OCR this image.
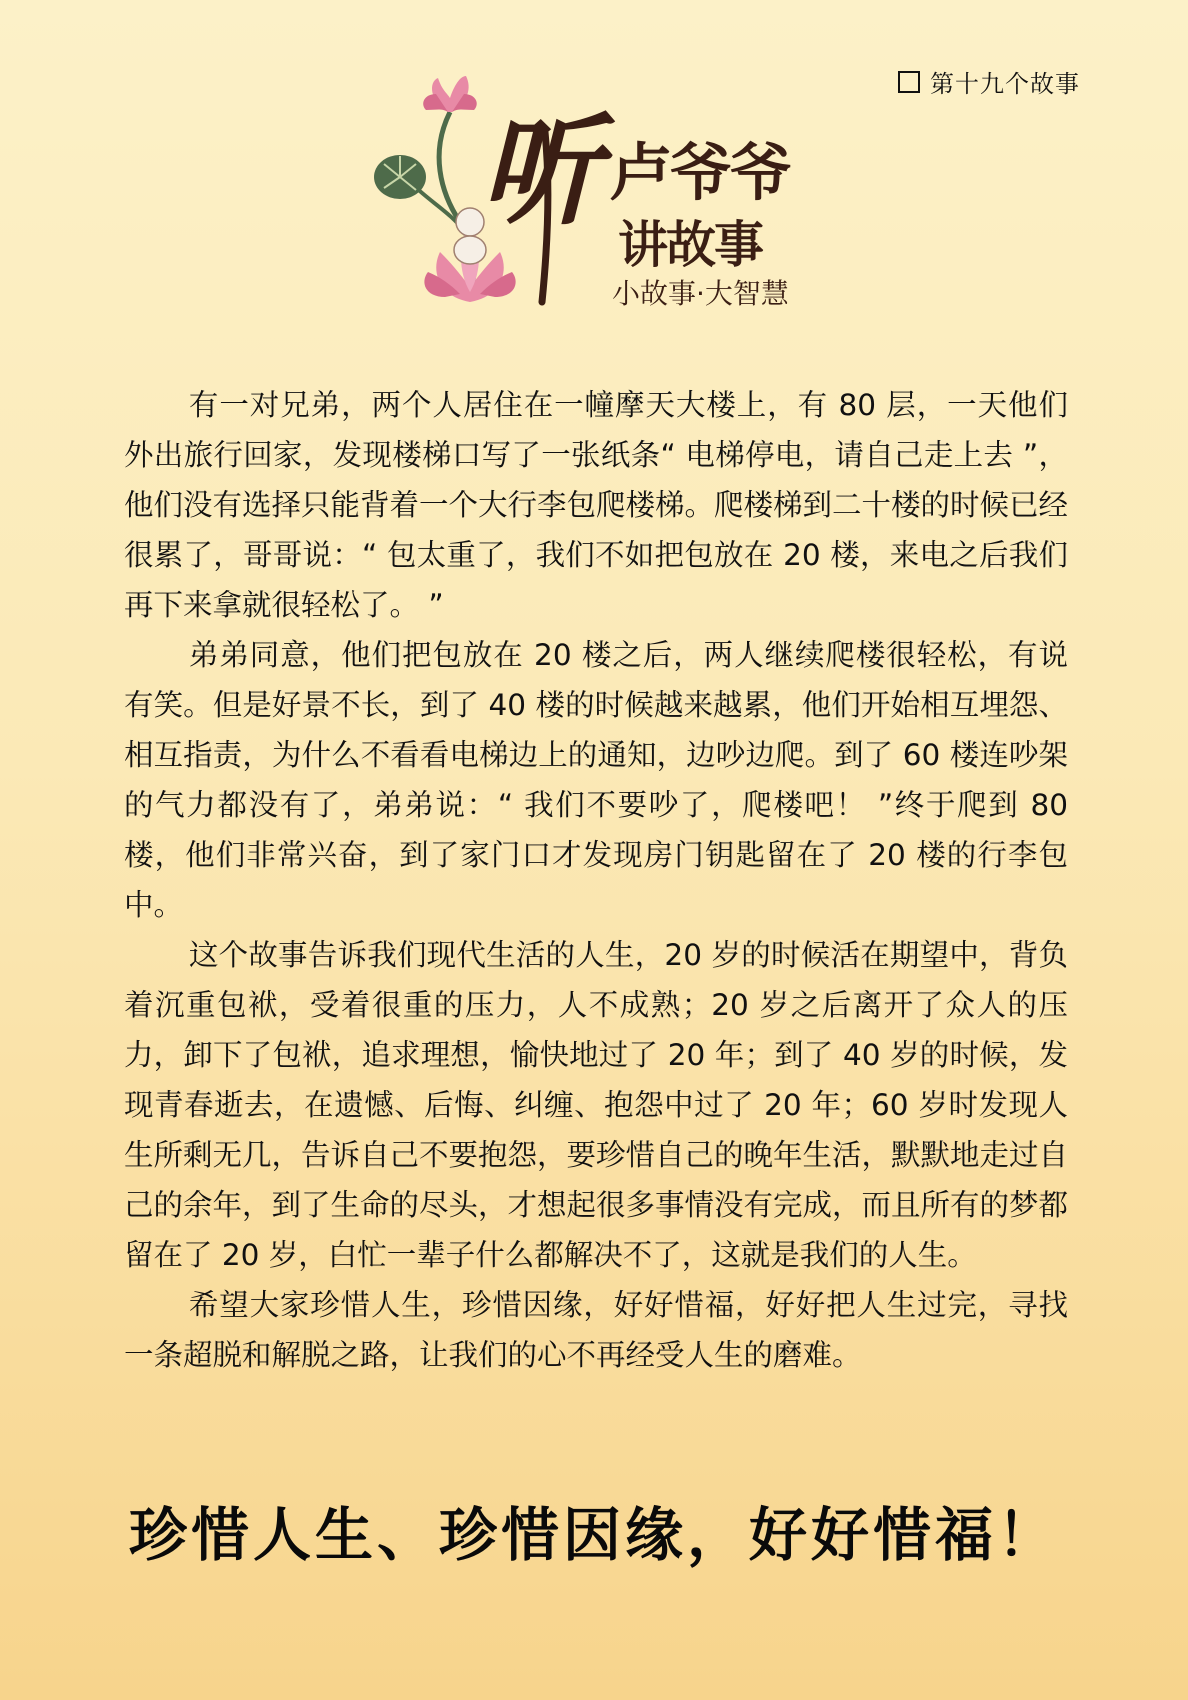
第十九个故事
听 卢爷爷
讲故事
小故事·大智慧

有一对兄弟，两个人居住在一幢摩天大楼上，有 80 层，一天他们外出旅行回家，发现楼梯口写了一张纸条“ 电梯停电，请自己走上去 ”，他们没有选择只能背着一个大行李包爬楼梯。爬楼梯到二十楼的时候已经很累了，哥哥说：“ 包太重了，我们不如把包放在 20 楼，来电之后我们再下来拿就很轻松了。 ”

弟弟同意，他们把包放在 20 楼之后，两人继续爬楼很轻松，有说有笑。但是好景不长，到了 40 楼的时候越来越累，他们开始相互埋怨、相互指责，为什么不看看电梯边上的通知，边吵边爬。到了 60 楼连吵架的气力都没有了，弟弟说：“ 我们不要吵了，爬楼吧！ ”终于爬到 80 楼，他们非常兴奋，到了家门口才发现房门钥匙留在了 20 楼的行李包中。

这个故事告诉我们现代生活的人生，20 岁的时候活在期望中，背负着沉重包袱，受着很重的压力，人不成熟；20 岁之后离开了众人的压力，卸下了包袱，追求理想，愉快地过了 20 年；到了 40 岁的时候，发现青春逝去，在遗憾、后悔、纠缠、抱怨中过了 20 年；60 岁时发现人生所剩无几，告诉自己不要抱怨，要珍惜自己的晚年生活，默默地走过自己的余年，到了生命的尽头，才想起很多事情没有完成，而且所有的梦都留在了 20 岁，白忙一辈子什么都解决不了，这就是我们的人生。

希望大家珍惜人生，珍惜因缘，好好惜福，好好把人生过完，寻找一条超脱和解脱之路，让我们的心不再经受人生的磨难。

珍惜人生、珍惜因缘，好好惜福！
